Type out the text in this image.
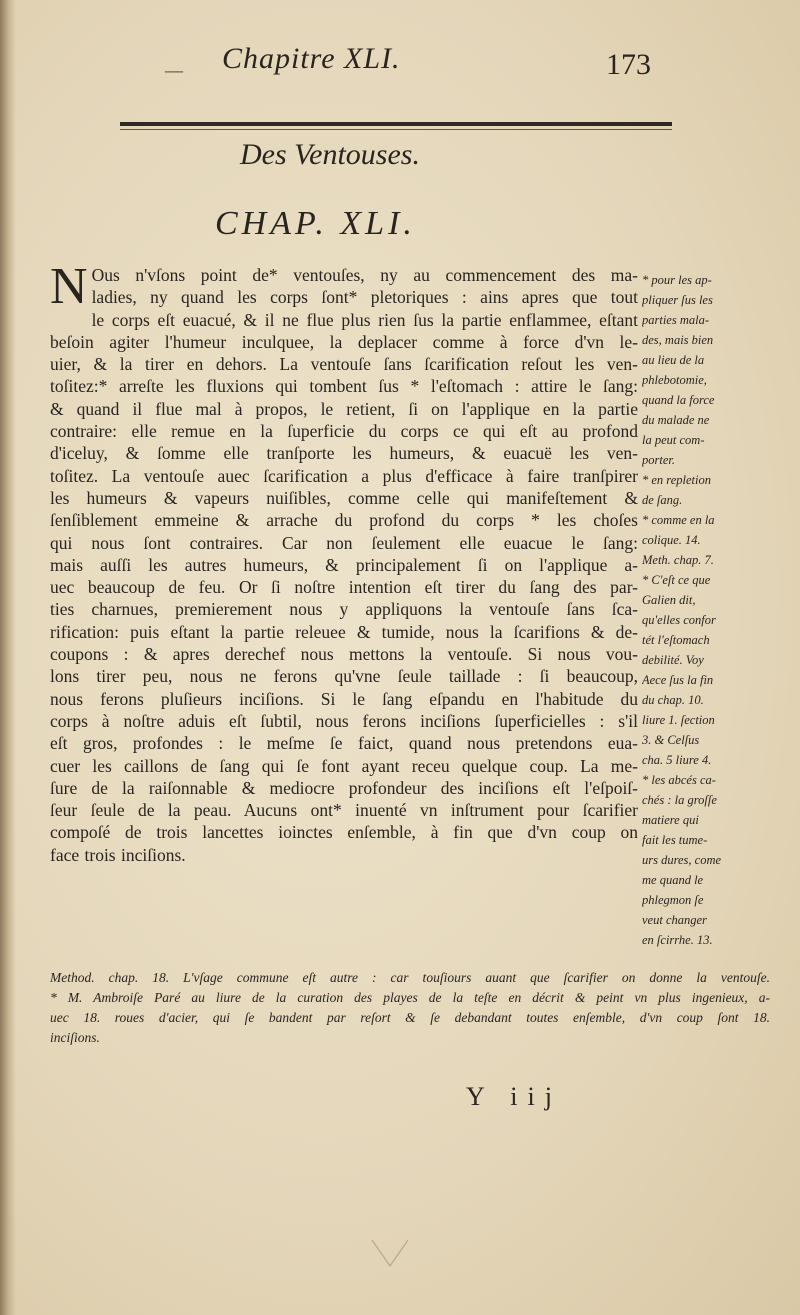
— Chapitre XLI.	173
Des Ventouses.
CHAP. XLI.
N Ous n'vſons point de* ventouſes, ny au commencement des ma-
ladies, ny quand les corps ſont* pletoriques : ains apres que tout
le corps eſt euacué, & il ne flue plus rien ſus la partie enflammee, eſtant
beſoin agiter l'humeur inculquee, la deplacer comme à force d'vn le-
uier, & la tirer en dehors. La ventouſe ſans ſcarification reſout les ven-
toſitez:* arreſte les fluxions qui tombent ſus * l'eſtomach : attire le ſang:
& quand il flue mal à propos, le retient, ſi on l'applique en la partie
contraire: elle remue en la ſuperficie du corps ce qui eſt au profond
d'iceluy, & ſomme elle tranſporte les humeurs, & euacuë les ven-
toſitez. La ventouſe auec ſcarification a plus d'efficace à faire tranſpirer
les humeurs & vapeurs nuiſibles, comme celle qui manifeſtement &
ſenſiblement emmeine & arrache du profond du corps * les choſes
qui nous ſont contraires. Car non ſeulement elle euacue le ſang:
mais auſſi les autres humeurs, & principalement ſi on l'applique a-
uec beaucoup de feu. Or ſi noſtre intention eſt tirer du ſang des par-
ties charnues, premierement nous y appliquons la ventouſe ſans ſca-
rification: puis eſtant la partie releuee & tumide, nous la ſcarifions & de-
coupons : & apres derechef nous mettons la ventouſe. Si nous vou-
lons tirer peu, nous ne ferons qu'vne ſeule taillade : ſi beaucoup,
nous ferons pluſieurs inciſions. Si le ſang eſpandu en l'habitude du
corps à noſtre aduis eſt ſubtil, nous ferons inciſions ſuperficielles : s'il
eſt gros, profondes : le meſme ſe faict, quand nous pretendons eua-
cuer les caillons de ſang qui ſe font ayant receu quelque coup. La me-
ſure de la raiſonnable & mediocre profondeur des inciſions eſt l'eſpoiſ-
ſeur ſeule de la peau. Aucuns ont* inuenté vn inſtrument pour ſcarifier
compoſé de trois lancettes ioinctes enſemble, à fin que d'vn coup on
face trois inciſions.
* pour les ap-
pliquer ſus les
parties mala-
des, mais bien
au lieu de la
phlebotomie,
quand la force
du malade ne
la peut com-
porter.
* en repletion
de ſang.
* comme en la
colique. 14.
Meth. chap. 7.
* C'eſt ce que
Galien dit,
qu'elles confor
tét l'eſtomach
debilité. Voy
Aece ſus la fin
du chap. 10.
liure 1. ſection
3. & Celſus
cha. 5 liure 4.
* les abcés ca-
chés : la groſſe
matiere qui
fait les tume-
urs dures, come
me quand le
phlegmon ſe
veut changer
en ſcirrhe. 13.
Method. chap. 18. L'vſage commune eſt autre : car touſiours auant que ſcarifier on donne la ventouſe.
* M. Ambroiſe Paré au liure de la curation des playes de la teſte en décrit & peint vn plus ingenieux, a-
uec 18. roues d'acier, qui ſe bandent par reſort & ſe debandant toutes enſemble, d'vn coup ſont 18.
inciſions.
Y iij
